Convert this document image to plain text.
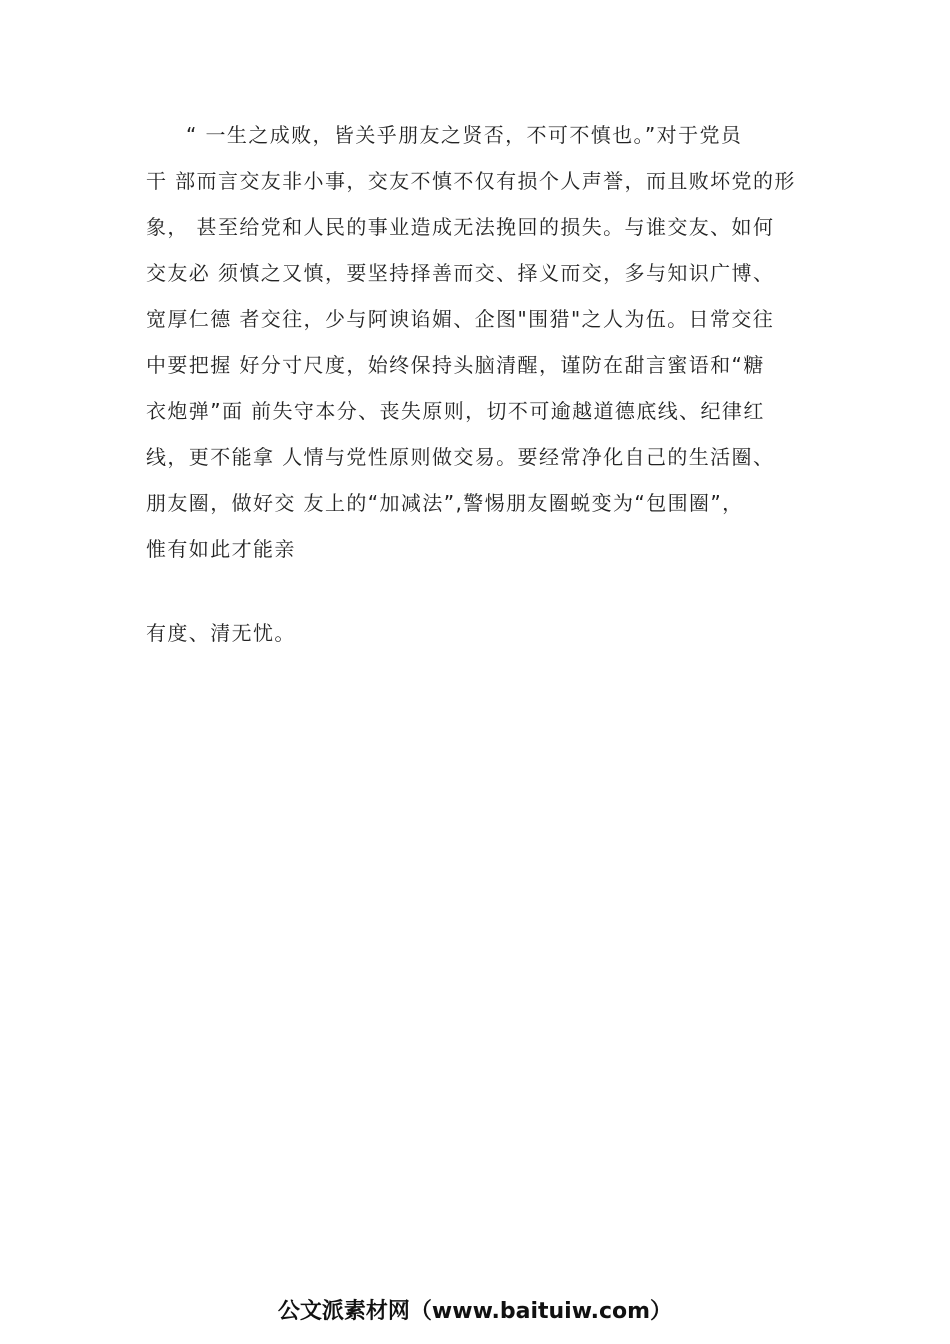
“ 一生之成败，皆关乎朋友之贤否，不可不慎也。”对于党员
干 部而言交友非小事，交友不慎不仅有损个人声誉，而且败坏党的形
象， 甚至给党和人民的事业造成无法挽回的损失。与谁交友、如何
交友必 须慎之又慎，要坚持择善而交、择义而交，多与知识广博、
宽厚仁德 者交往，少与阿谀谄媚、企图"围猎"之人为伍。日常交往
中要把握 好分寸尺度，始终保持头脑清醒，谨防在甜言蜜语和“糖
衣炮弹”面 前失守本分、丧失原则，切不可逾越道德底线、纪律红
线，更不能拿 人情与党性原则做交易。要经常净化自己的生活圈、
朋友圈，做好交 友上的“加减法”,警惕朋友圈蜕变为“包围圈”，
惟有如此才能亲
有度、清无忧。
公文派素材网（www.baituiw.com）
